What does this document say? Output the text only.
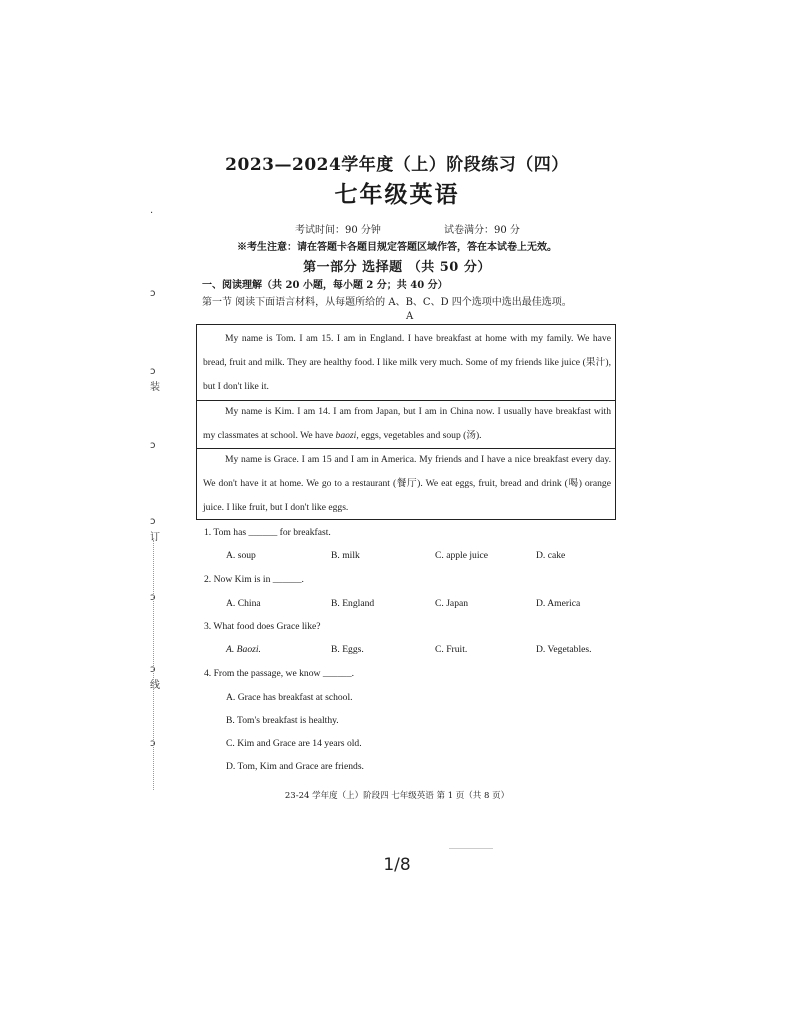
·
ↄ
ↄ
装
ↄ
ↄ
订
ↄ
ↄ
线
ↄ
2023—2024学年度（上）阶段练习（四）
七年级英语
考试时间：90 分钟	试卷满分：90 分
※考生注意：请在答题卡各题目规定答题区域作答，答在本试卷上无效。
第一部分 选择题 （共 50 分）
一、阅读理解（共 20 小题，每小题 2 分；共 40 分）
第一节 阅读下面语言材料，从每题所给的 A、B、C、D 四个选项中选出最佳选项。
A
My name is Tom. I am 15. I am in England. I have breakfast at home with my family. We have bread, fruit and milk. They are healthy food. I like milk very much. Some of my friends like juice (果汁), but I don't like it.
My name is Kim. I am 14. I am from Japan, but I am in China now. I usually have breakfast with my classmates at school. We have baozi, eggs, vegetables and soup (汤).
My name is Grace. I am 15 and I am in America. My friends and I have a nice breakfast every day. We don't have it at home. We go to a restaurant (餐厅). We eat eggs, fruit, bread and drink (喝) orange juice. I like fruit, but I don't like eggs.
1. Tom has ______ for breakfast.
A. soup	B. milk	C. apple juice	D. cake
2. Now Kim is in ______.
A. China	B. England	C. Japan	D. America
3. What food does Grace like?
A. Baozi.	B. Eggs.	C. Fruit.	D. Vegetables.
4. From the passage, we know ______.
A. Grace has breakfast at school.
B. Tom's breakfast is healthy.
C. Kim and Grace are 14 years old.
D. Tom, Kim and Grace are friends.
23-24 学年度（上）阶段四 七年级英语 第 1 页（共 8 页）
1/8
